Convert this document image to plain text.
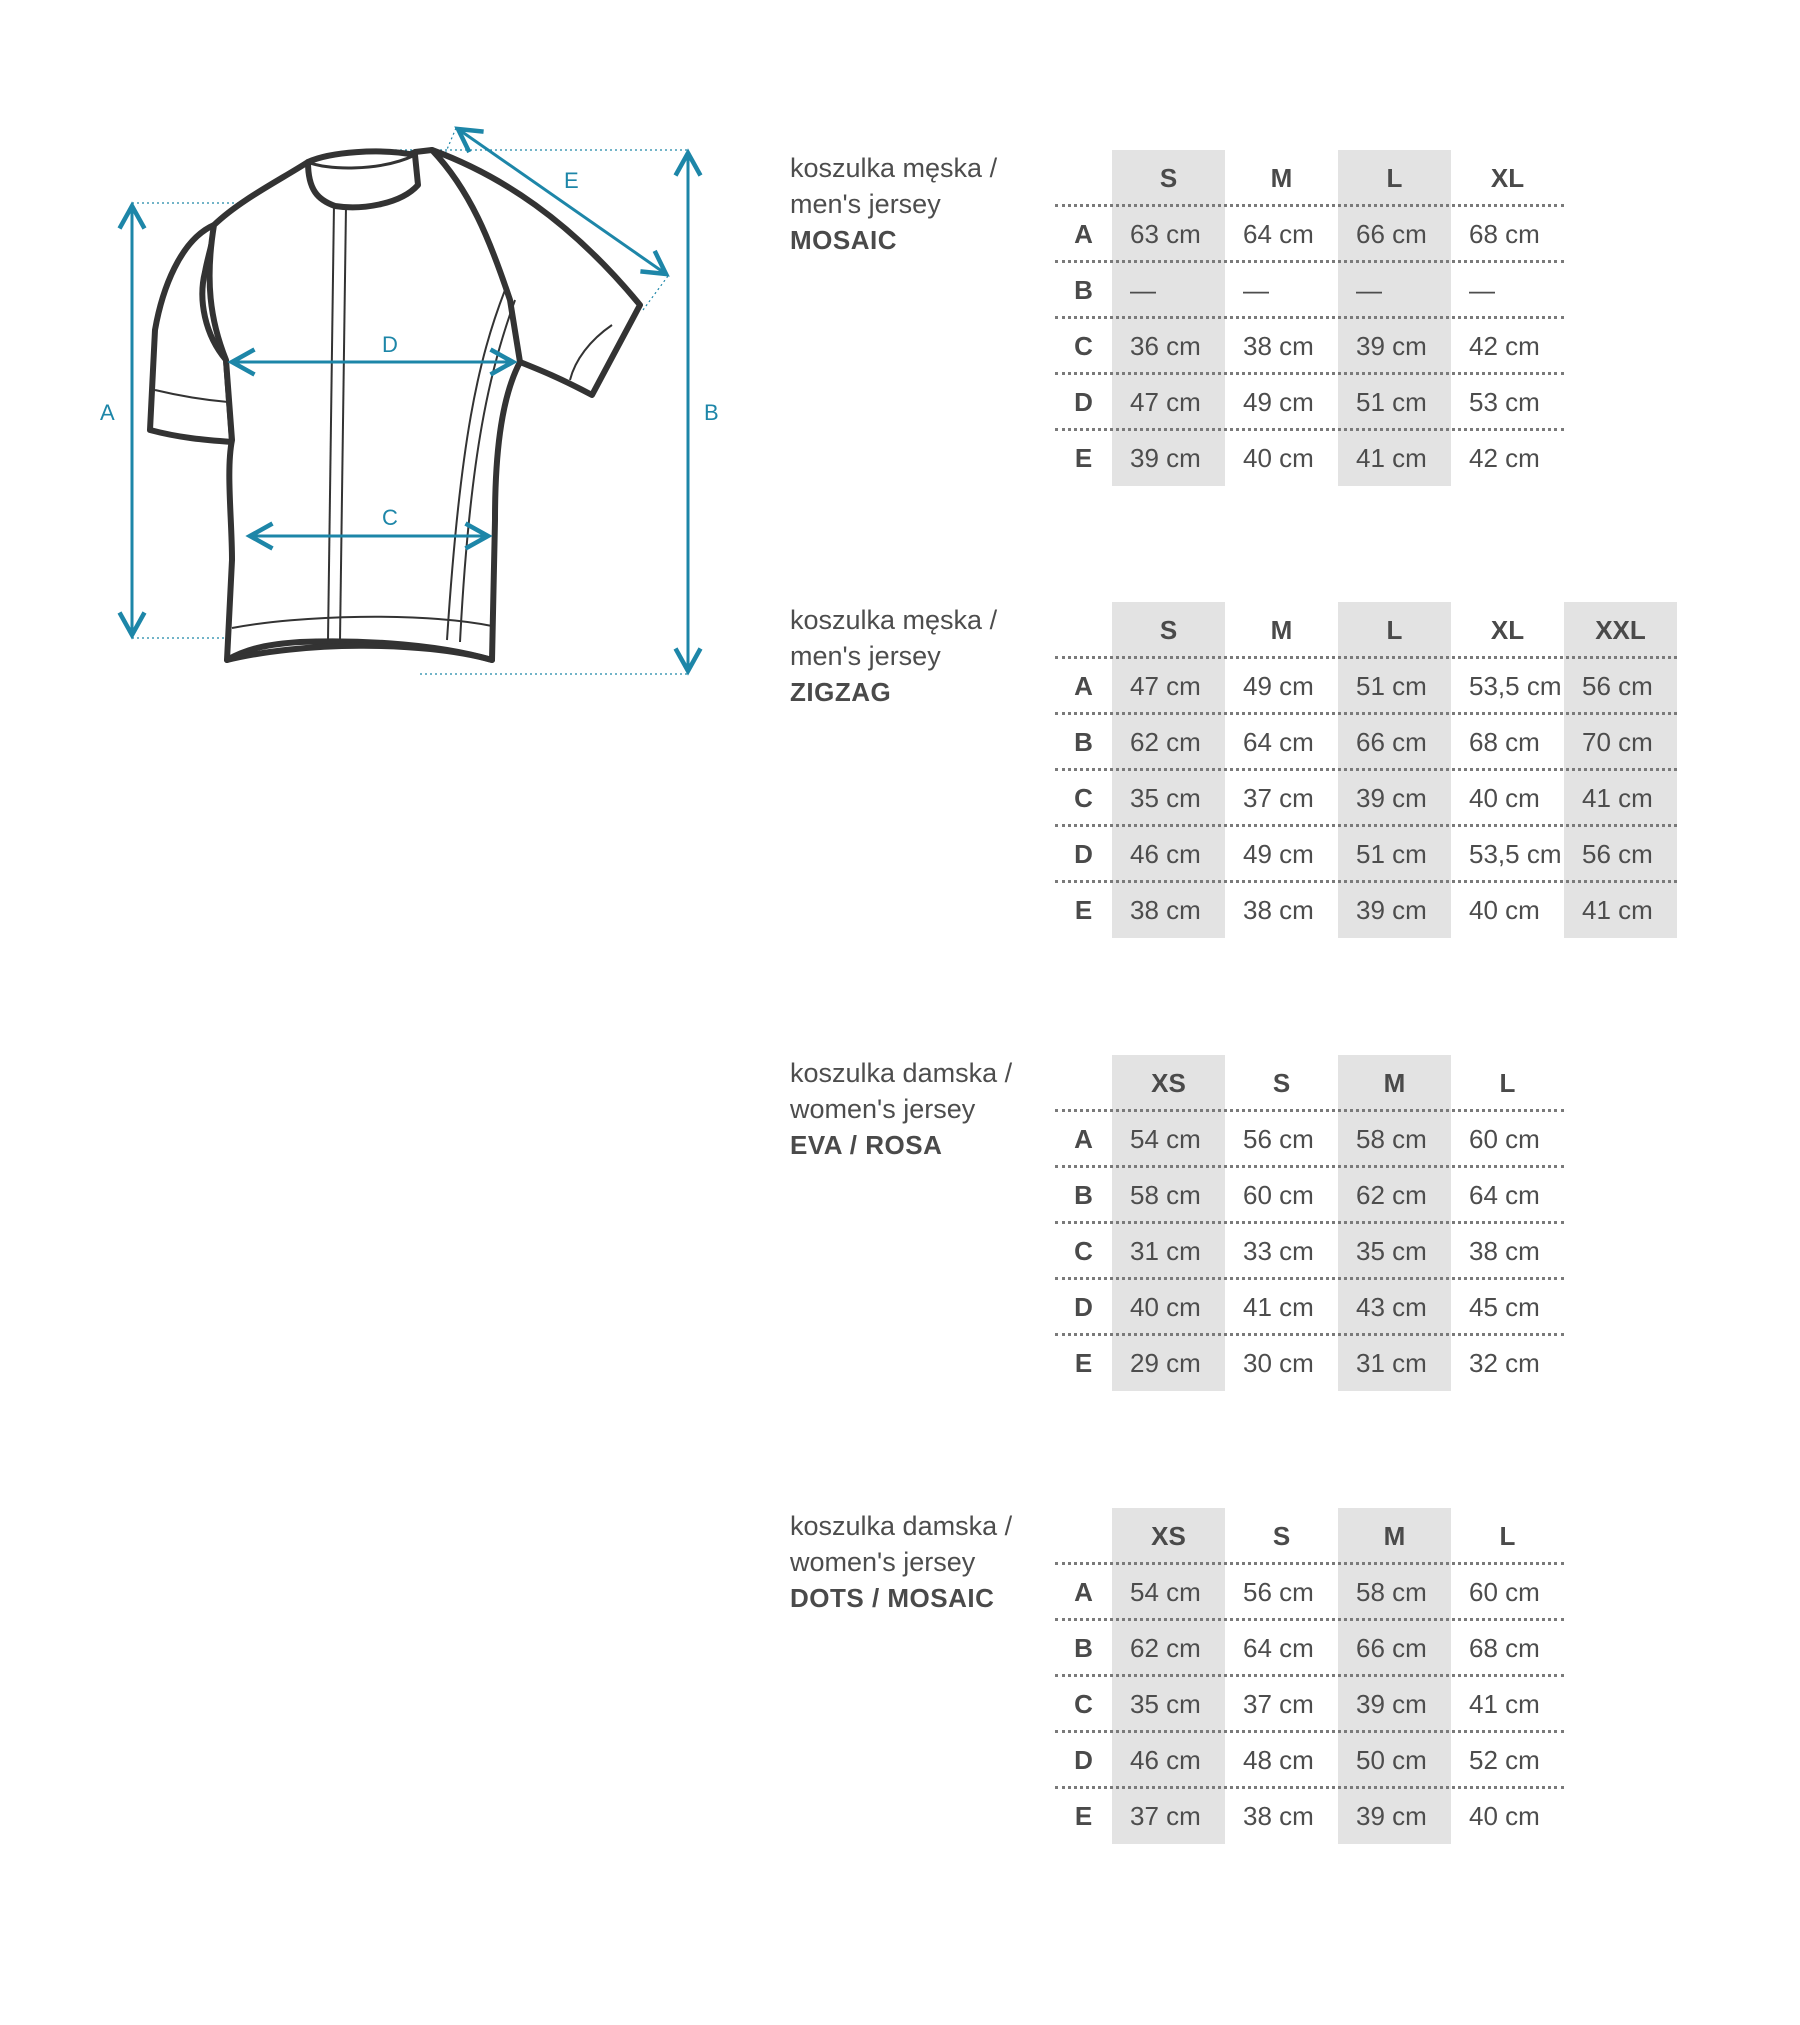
A	B
D
C
E	koszulka męska /
men's jersey
MOSAIC
S	M	L	XL
A	63 cm	64 cm	66 cm	68 cm
B	—	—	—	—
C	36 cm	38 cm	39 cm	42 cm
D	47 cm	49 cm	51 cm	53 cm
E	39 cm	40 cm	41 cm	42 cm
koszulka męska /
men's jersey
ZIGZAG
S	M	L	XL	XXL
A	47 cm	49 cm	51 cm	53,5 cm 56 cm
B	62 cm	64 cm	66 cm	68 cm	70 cm
C	35 cm	37 cm	39 cm	40 cm	41 cm
D	46 cm	49 cm	51 cm	53,5 cm 56 cm
E	38 cm	38 cm	39 cm	40 cm	41 cm
koszulka damska /
women's jersey
EVA / ROSA
XS	S	M	L
A	54 cm	56 cm	58 cm	60 cm
B	58 cm	60 cm	62 cm	64 cm
C	31 cm	33 cm	35 cm	38 cm
D	40 cm	41 cm	43 cm	45 cm
E	29 cm	30 cm	31 cm	32 cm
koszulka damska /
women's jersey
DOTS / MOSAIC
XS	S	M	L
A	54 cm	56 cm	58 cm	60 cm
B	62 cm	64 cm	66 cm	68 cm
C	35 cm	37 cm	39 cm	41 cm
D	46 cm	48 cm	50 cm	52 cm
E	37 cm	38 cm	39 cm	40 cm
